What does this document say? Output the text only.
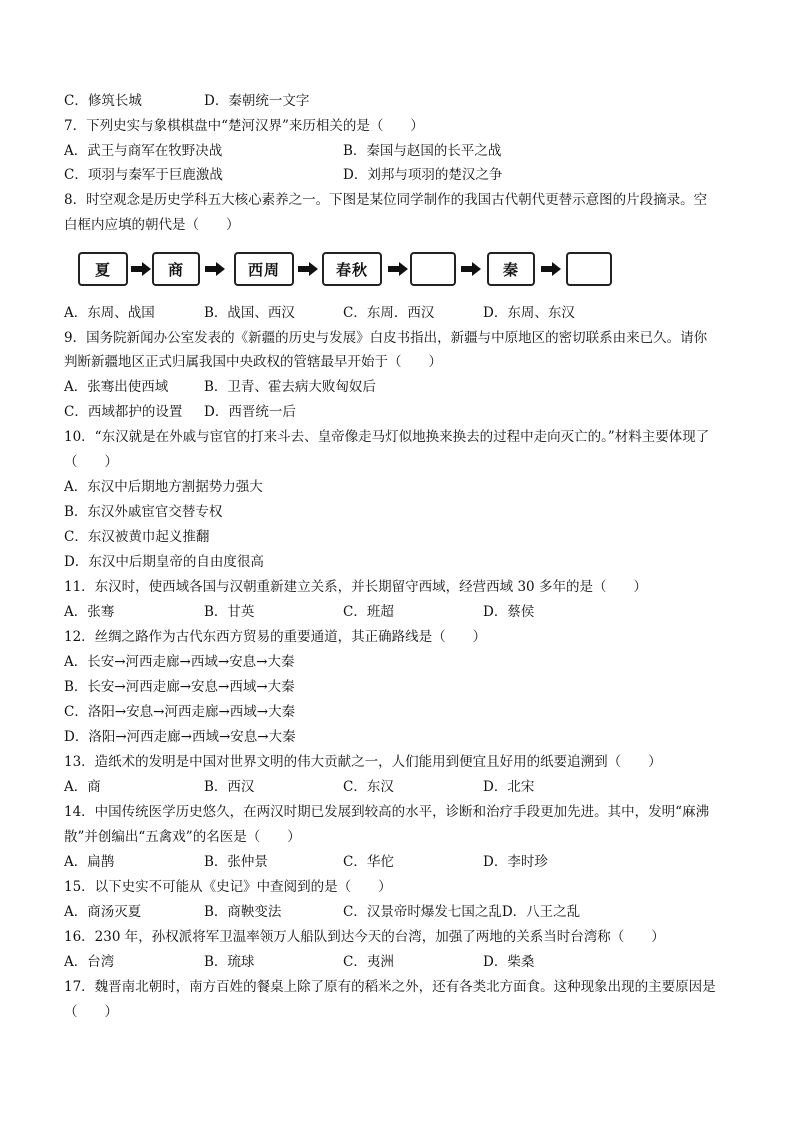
C．修筑长城	D．秦朝统一文字
7．下列史实与象棋棋盘中“楚河汉界”来历相关的是（　　）
A．武王与商军在牧野决战	B．秦国与赵国的长平之战
C．项羽与秦军于巨鹿激战	D．刘邦与项羽的楚汉之争
8．时空观念是历史学科五大核心素养之一。下图是某位同学制作的我国古代朝代更替示意图的片段摘录。空
白框内应填的朝代是（　　）
夏	商	西周	春秋	秦
A．东周、战国	B．战国、西汉	C．东周．西汉	D．东周、东汉
9．国务院新闻办公室发表的《新疆的历史与发展》白皮书指出，新疆与中原地区的密切联系由来已久。请你
判断新疆地区正式归属我国中央政权的管辖最早开始于（　　）
A．张骞出使西域	B．卫青、霍去病大败匈奴后
C．西域都护的设置 D．西晋统一后
10．“东汉就是在外戚与宦官的打来斗去、皇帝像走马灯似地换来换去的过程中走向灭亡的。”材料主要体现了
（　　）
A．东汉中后期地方割据势力强大
B．东汉外戚宦官交替专权
C．东汉被黄巾起义推翻
D．东汉中后期皇帝的自由度很高
11．东汉时，使西域各国与汉朝重新建立关系，并长期留守西域，经营西域 30 多年的是（　　）
A．张骞	B．甘英	C．班超	D．蔡侯
12．丝绸之路作为古代东西方贸易的重要通道，其正确路线是（　　）
A．长安→河西走廊→西域→安息→大秦
B．长安→河西走廊→安息→西域→大秦
C．洛阳→安息→河西走廊→西域→大秦
D．洛阳→河西走廊→西域→安息→大秦
13．造纸术的发明是中国对世界文明的伟大贡献之一，人们能用到便宜且好用的纸要追溯到（　　）
A．商	B．西汉	C．东汉	D．北宋
14．中国传统医学历史悠久，在两汉时期已发展到较高的水平，诊断和治疗手段更加先进。其中，发明“麻沸
散”并创编出“五禽戏”的名医是（　　）
A．扁鹊	B．张仲景	C．华佗	D．李时珍
15．以下史实不可能从《史记》中查阅到的是（　　）
A．商汤灭夏	B．商鞅变法	C．汉景帝时爆发七国之乱D．八王之乱
16．230 年，孙权派将军卫温率领万人船队到达今天的台湾，加强了两地的关系当时台湾称（　　）
A．台湾	B．琉球	C．夷洲	D．柴桑
17．魏晋南北朝时，南方百姓的餐桌上除了原有的稻米之外，还有各类北方面食。这种现象出现的主要原因是
（　　）
